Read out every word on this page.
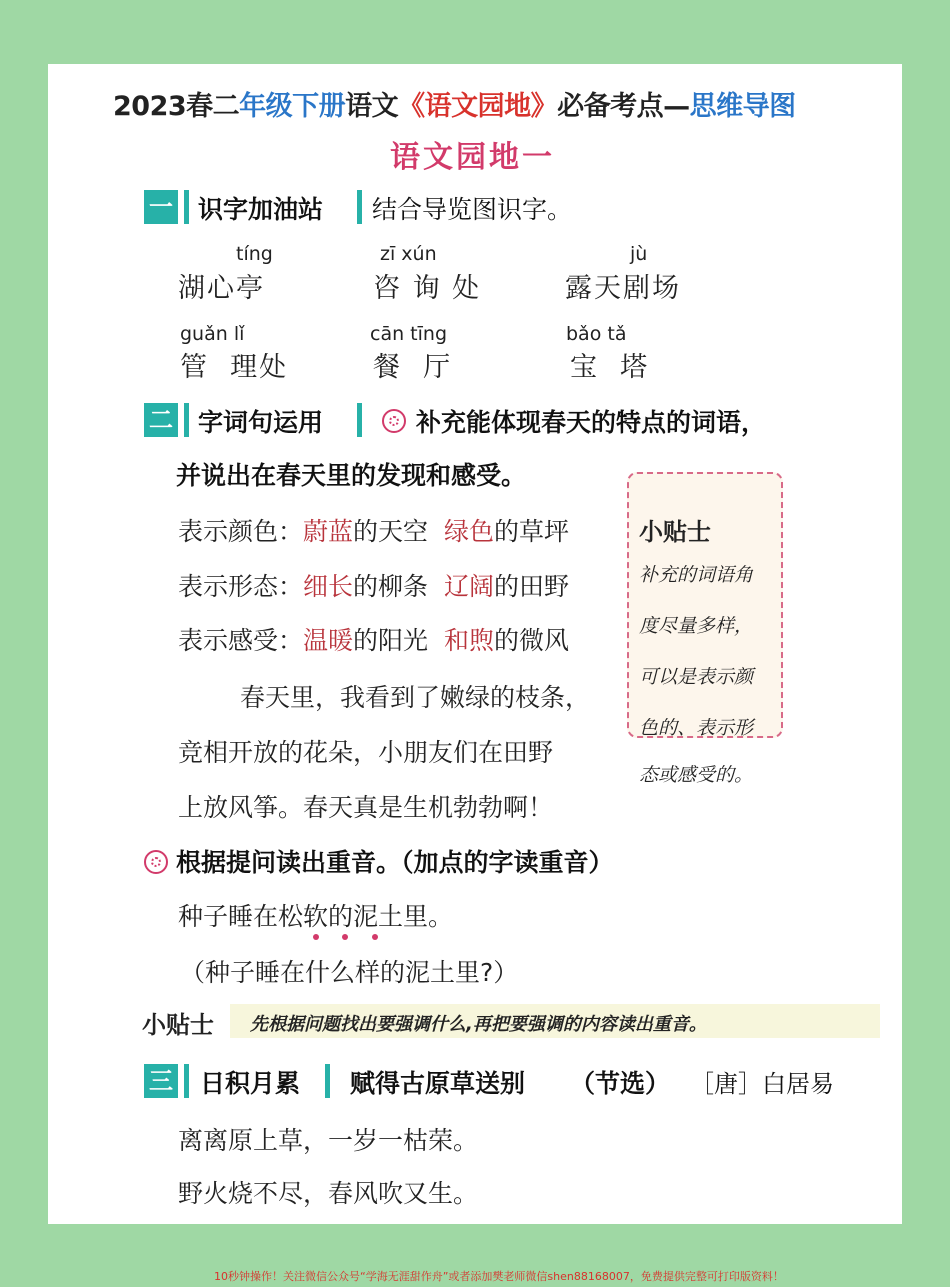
2023春二年级下册语文《语文园地》必备考点—思维导图
语文园地一
一 识字加油站 结合导览图识字。
tíng
湖心亭
zī xún
咨 询 处
jù
露天剧场
guǎn lǐ
管  理处
cān tīng
餐  厅
bǎo tǎ
宝  塔
二 字词句运用	补充能体现春天的特点的词语，
并说出在春天里的发现和感受。
表示颜色：蔚蓝的天空 绿色的草坪
表示形态：细长的柳条 辽阔的田野
表示感受：温暖的阳光 和煦的微风
春天里，我看到了嫩绿的枝条，
竞相开放的花朵，小朋友们在田野
上放风筝。春天真是生机勃勃啊！
小贴士
补充的词语角
度尽量多样，
可以是表示颜
色的、表示形
态或感受的。
根据提问读出重音。（加点的字读重音）
种子睡在松软的泥土里。
（种子睡在什么样的泥土里?）
小贴士 先根据问题找出要强调什么,再把要强调的内容读出重音。
三 日积月累 赋得古原草送别 （节选） ［唐］白居易
离离原上草，一岁一枯荣。
野火烧不尽，春风吹又生。
10秒钟操作！关注微信公众号“学海无涯甜作舟”或者添加樊老师微信shen88168007，免费提供完整可打印版资料！
